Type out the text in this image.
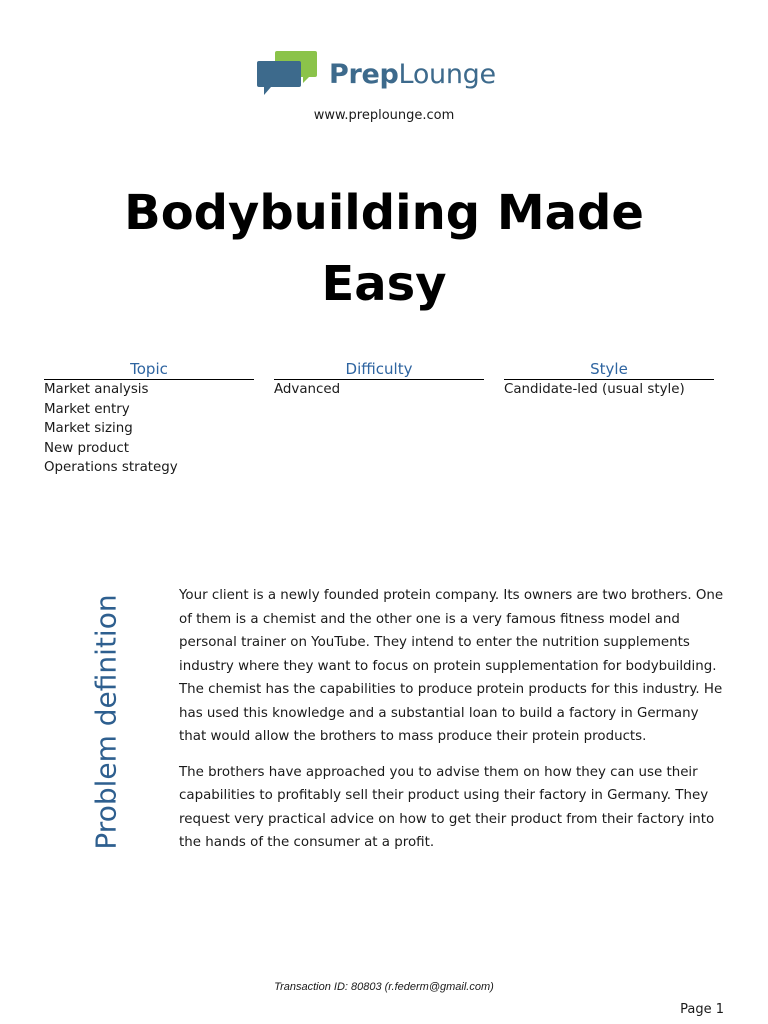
PrepLounge
www.preplounge.com
Bodybuilding Made Easy
Topic
Market analysis
Market entry
Market sizing
New product
Operations strategy
Difficulty
Advanced
Style
Candidate-led (usual style)
Problem definition	Your client is a newly founded protein company. Its owners are two brothers. One of them is a chemist and the other one is a very famous fitness model and personal trainer on YouTube. They intend to enter the nutrition supplements industry where they want to focus on protein supplementation for bodybuilding. The chemist has the capabilities to produce protein products for this industry. He has used this knowledge and a substantial loan to build a factory in Germany that would allow the brothers to mass produce their protein products.

The brothers have approached you to advise them on how they can use their capabilities to profitably sell their product using their factory in Germany. They request very practical advice on how to get their product from their factory into the hands of the consumer at a profit.

Transaction ID: 80803 (r.federm@gmail.com)
Page 1
